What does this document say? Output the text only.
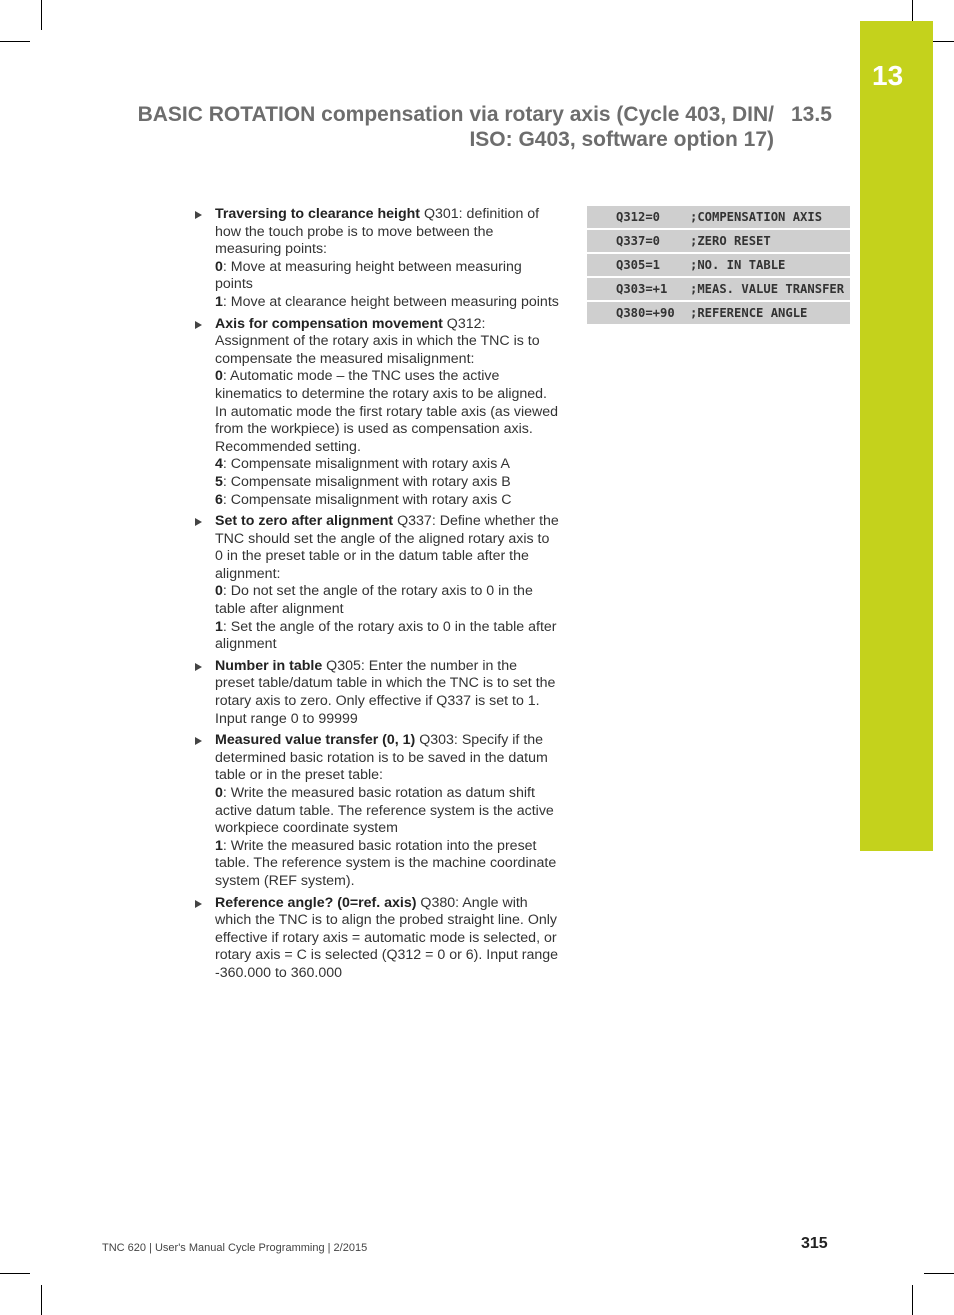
13
BASIC ROTATION compensation via rotary axis (Cycle 403, DIN/
ISO: G403, software option 17)
13.5
Traversing to clearance height Q301: definition of how the touch probe is to move between the measuring points:
0: Move at measuring height between measuring points
1: Move at clearance height between measuring points
Axis for compensation movement Q312: Assignment of the rotary axis in which the TNC is to compensate the measured misalignment:
0: Automatic mode – the TNC uses the active kinematics to determine the rotary axis to be aligned. In automatic mode the first rotary table axis (as viewed from the workpiece) is used as compensation axis. Recommended setting.
4: Compensate misalignment with rotary axis A
5: Compensate misalignment with rotary axis B
6: Compensate misalignment with rotary axis C
Set to zero after alignment Q337: Define whether the TNC should set the angle of the aligned rotary axis to 0 in the preset table or in the datum table after the alignment:
0: Do not set the angle of the rotary axis to 0 in the table after alignment
1: Set the angle of the rotary axis to 0 in the table after alignment
Number in table Q305: Enter the number in the preset table/datum table in which the TNC is to set the rotary axis to zero. Only effective if Q337 is set to 1. Input range 0 to 99999
Measured value transfer (0, 1) Q303: Specify if the determined basic rotation is to be saved in the datum table or in the preset table:
0: Write the measured basic rotation as datum shift active datum table. The reference system is the active workpiece coordinate system
1: Write the measured basic rotation into the preset table. The reference system is the machine coordinate system (REF system).
Reference angle? (0=ref. axis) Q380: Angle with which the TNC is to align the probed straight line. Only effective if rotary axis = automatic mode is selected, or rotary axis = C is selected (Q312 = 0 or 6). Input range -360.000 to 360.000
Q312=0	;COMPENSATION AXIS
Q337=0	;ZERO RESET
Q305=1	;NO. IN TABLE
Q303=+1	;MEAS. VALUE TRANSFER
Q380=+90	;REFERENCE ANGLE
TNC 620 | User's Manual Cycle Programming | 2/2015	315
